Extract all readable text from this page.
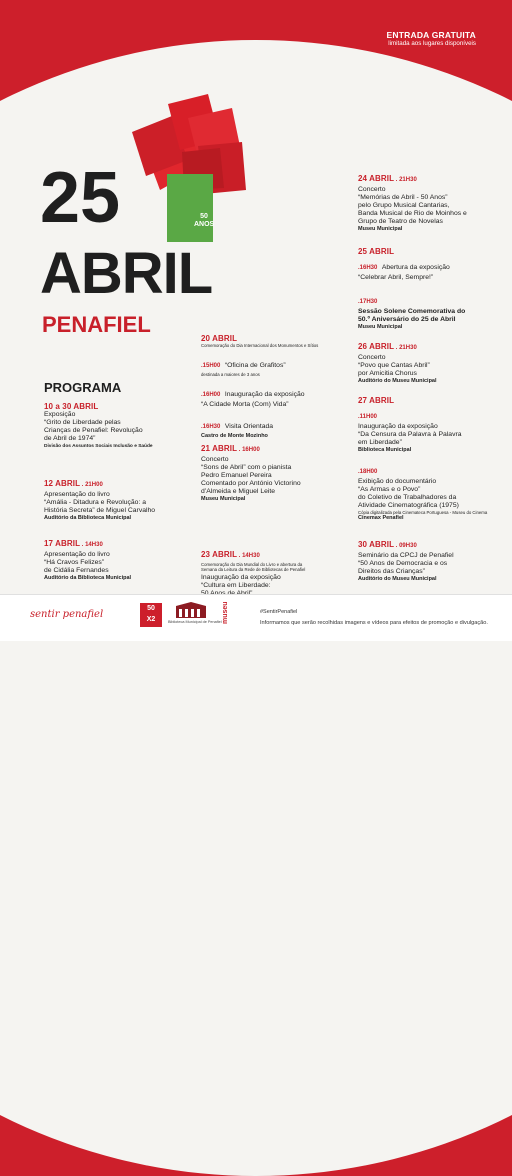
ENTRADA GRATUITA
limitada aos lugares disponíveis
50
ANOS
25
ABRIL
PENAFIEL
PROGRAMA
10 a 30 ABRIL
Exposição
“Grito de Liberdade pelas
Crianças de Penafiel: Revolução
de Abril de 1974”
Divisão dos Assuntos Sociais Inclusão e Saúde
12 ABRIL . 21H00
Apresentação do livro
“Amália - Ditadura e Revolução: a
História Secreta” de Miguel Carvalho
Auditório da Biblioteca Municipal
17 ABRIL . 14H30
Apresentação do livro
“Há Cravos Felizes”
de Cidália Fernandes
Auditório da Biblioteca Municipal
20 ABRIL
Comemoração do Dia Internacional dos Monumentos e Sítios
.15H00 “Oficina de Grafitos”
destinada a maiores de 3 anos
.16H00 Inauguração da exposição
“A Cidade Morta (Com) Vida”
.16H30 Visita Orientada
Castro de Monte Mozinho
21 ABRIL . 16H00
Concerto
“Sons de Abril” com o pianista
Pedro Emanuel Pereira
Comentado por António Victorino
d’Almeida e Miguel Leite
Museu Municipal
23 ABRIL . 14H30
Comemoração do Dia Mundial do Livro e abertura da
Semana da Leitura da Rede de Bibliotecas de Penafiel
Inauguração da exposição
“Cultura em Liberdade:
24 ABRIL . 21H30
Concerto
“Memórias de Abril - 50 Anos”
pelo Grupo Musical Cantarias,
Banda Musical de Rio de Moinhos e
Grupo de Teatro de Novelas
Museu Municipal
25 ABRIL
.16H30 Abertura da exposição
“Celebrar Abril, Sempre!”
.17H30
Sessão Solene Comemorativa do
50.º Aniversário do 25 de Abril
Museu Municipal
26 ABRIL . 21H30
Concerto
“Povo que Cantas Abril”
por Amicitia Chorus
Auditório do Museu Municipal
27 ABRIL
.11H00
Inauguração da exposição
“Da Censura da Palavra à Palavra
em Liberdade”
Biblioteca Municipal
.18H00
Exibição do documentário
“As Armas e o Povo”
do Coletivo de Trabalhadores da
Atividade Cinematográfica (1975)
Cópia digitalizada pela Cinemateca Portuguesa - Museu do Cinema
Cinemax Penafiel
30 ABRIL . 09H30
Seminário da CPCJ de Penafiel
“50 Anos de Democracia e os
Direitos das Crianças”
Auditório do Museu Municipal
sentir penafiel
50
X2	Biblioteca Municipal de Penafiel museu	#SentirPenafiel
Informamos que serão recolhidas imagens e vídeos para efeitos de promoção e divulgação.
